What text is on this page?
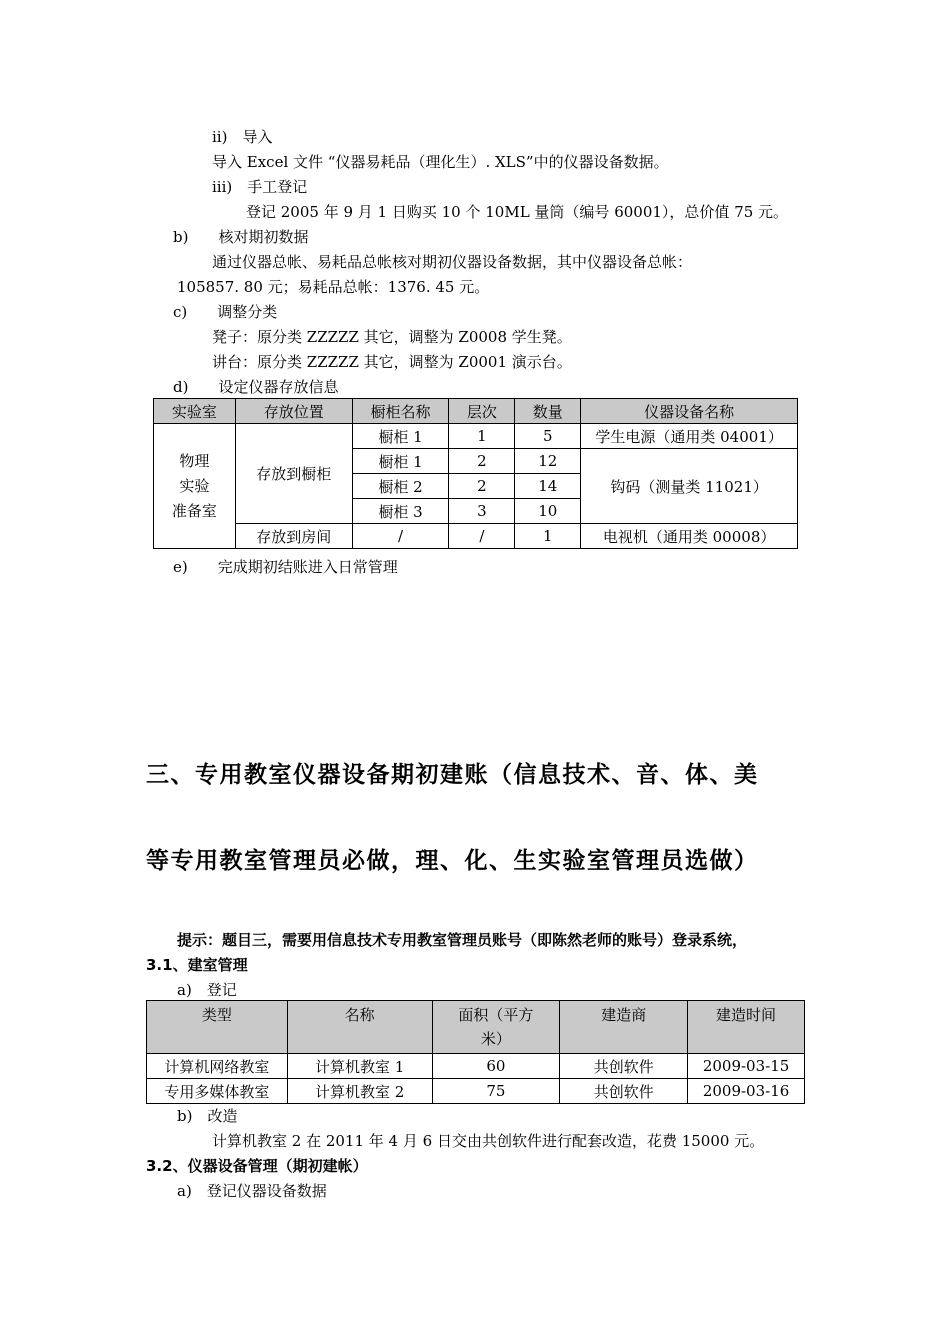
ii)　导入
导入 Excel 文件 “仪器易耗品（理化生）. XLS”中的仪器设备数据。
iii)　手工登记
登记 2005 年 9 月 1 日购买 10 个 10ML 量筒（编号 60001），总价值 75 元。
b)　　核对期初数据
通过仪器总帐、易耗品总帐核对期初仪器设备数据，其中仪器设备总帐：
105857. 80 元；易耗品总帐：1376. 45 元。
c)　　调整分类
凳子：原分类 ZZZZZ 其它，调整为 Z0008 学生凳。
讲台：原分类 ZZZZZ 其它，调整为 Z0001 演示台。
d)　　设定仪器存放信息
实验室	存放位置	橱柜名称	层次	数量	仪器设备名称

物理
实验
准备室	存放到橱柜	橱柜 1	1	5	学生电源（通用类 04001）
		橱柜 1	2	12	钩码（测量类 11021）
		橱柜 2	2	14	
		橱柜 3	3	10	
	存放到房间	/	/	1	电视机（通用类 00008）
e)　　完成期初结账进入日常管理
三、专用教室仪器设备期初建账（信息技术、音、体、美
等专用教室管理员必做，理、化、生实验室管理员选做）
提示：题目三，需要用信息技术专用教室管理员账号（即陈然老师的账号）登录系统，
3.1、建室管理
a)　登记
类型	名称	面积（平方
米）	建造商	建造时间
计算机网络教室	计算机教室 1	60	共创软件	2009-03-15
专用多媒体教室	计算机教室 2	75	共创软件	2009-03-16
b)　改造
计算机教室 2 在 2011 年 4 月 6 日交由共创软件进行配套改造，花费 15000 元。
3.2、仪器设备管理（期初建帐）
a)　登记仪器设备数据
